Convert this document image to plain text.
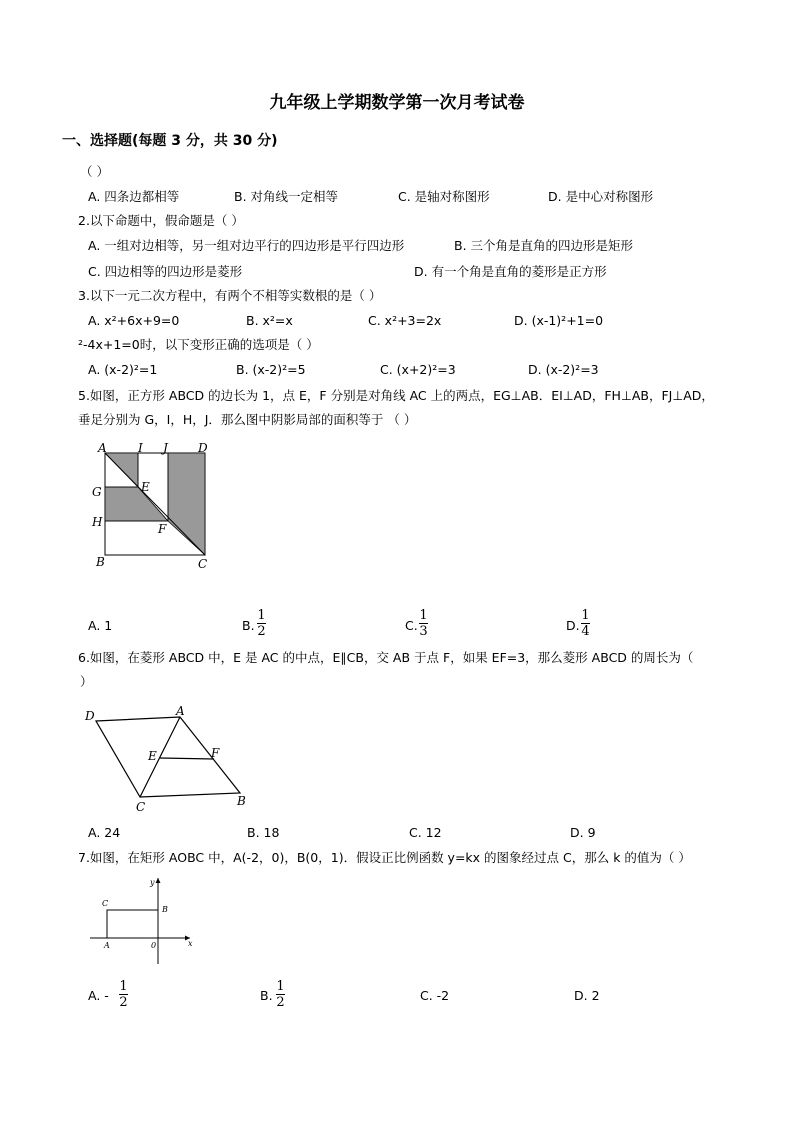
九年级上学期数学第一次月考试卷
一、选择题(每题 3 分，共 30 分)
（ ）
A. 四条边都相等	B. 对角线一定相等	C. 是轴对称图形	D. 是中心对称图形
2.以下命题中，假命题是（ ）
A. 一组对边相等，另一组对边平行的四边形是平行四边形	B. 三个角是直角的四边形是矩形
C. 四边相等的四边形是菱形	D. 有一个角是直角的菱形是正方形
3.以下一元二次方程中，有两个不相等实数根的是（ ）
A. x²+6x+9=0	B. x²=x	C. x²+3=2x	D. (x-1)²+1=0
²-4x+1=0时，以下变形正确的选项是（ ）
A. (x-2)²=1	B. (x-2)²=5	C. (x+2)²=3	D. (x-2)²=3
5.如图，正方形 ABCD 的边长为 1，点 E，F 分别是对角线 AC 上的两点，EG⊥AB．EI⊥AD，FH⊥AB，FJ⊥AD，
垂足分别为 G，I，H，J．那么图中阴影局部的面积等于 （ ）
A	I J	D
E
G
H	F
B	C
A. 1	B.
1
2	C.
1
3	D.
1
4
6.如图，在菱形 ABCD 中，E 是 AC 的中点，E∥CB，交 AB 于点 F，如果 EF=3，那么菱形 ABCD 的周长为（
）
D	A
E	F
C	B
A. 24	B. 18	C. 12	D. 9
7.如图，在矩形 AOBC 中，A(-2，0)，B(0，1)．假设正比例函数 y=kx 的图象经过点 C，那么 k 的值为（ ）
C
B
A	0	x
y
A. -
1
2	B.
1
2	C. -2	D. 2
